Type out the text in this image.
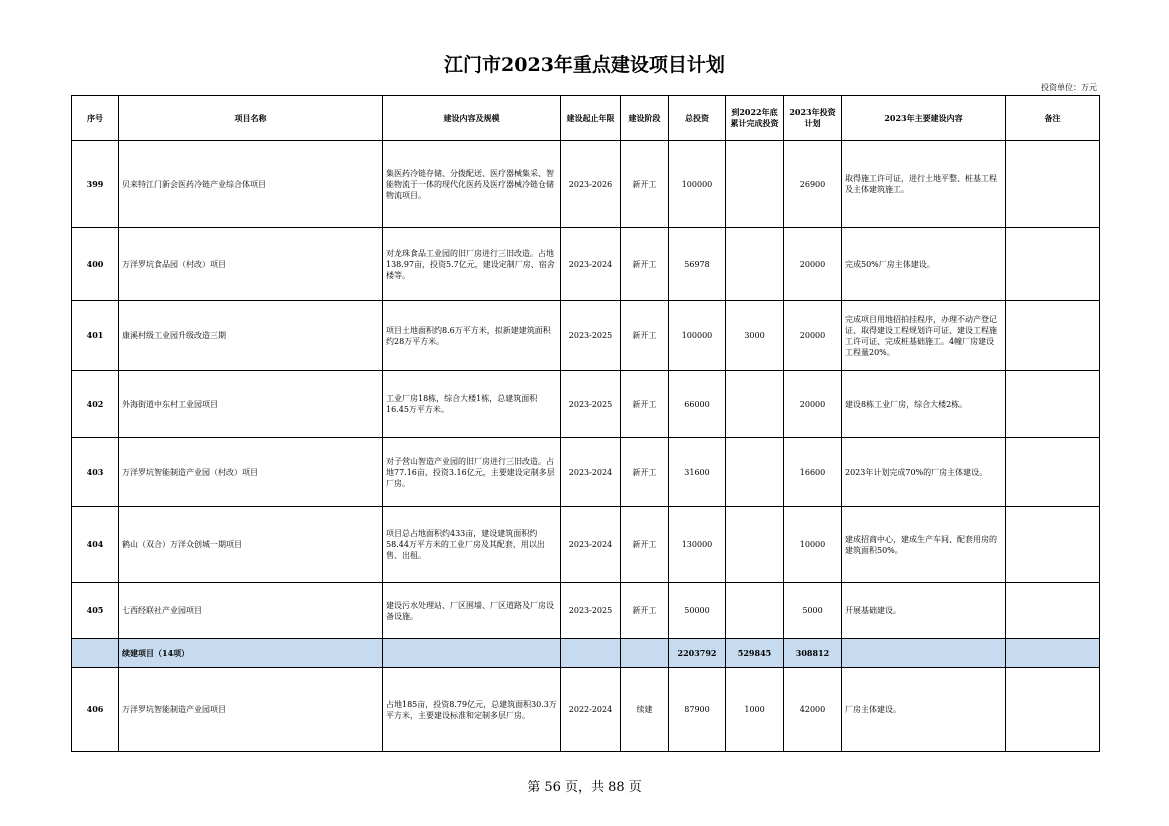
江门市2023年重点建设项目计划
投资单位：万元
序号	项目名称	建设内容及规模	建设起止年限	建设阶段	总投资	到2022年底累计完成投资	2023年投资计划	2023年主要建设内容	备注
399	贝来特江门新会医药冷链产业综合体项目	集医药冷链存储、分拨配送、医疗器械集采、智能物流于一体的现代化医药及医疗器械冷链仓储物流项目。	2023-2026	新开工	100000		26900	取得施工许可证，进行土地平整、桩基工程及主体建筑施工。	
400	万洋罗坑食品园（村改）项目	对龙珠食品工业园的旧厂房进行三旧改造。占地138.97亩，投资5.7亿元，建设定制厂房、宿舍楼等。	2023-2024	新开工	56978		20000	完成50%厂房主体建设。	
401	康溪村级工业园升级改造三期	项目土地面积约8.6万平方米，拟新建建筑面积约28万平方米。	2023-2025	新开工	100000	3000	20000	完成项目用地招拍挂程序，办理不动产登记证、取得建设工程规划许可证、建设工程施工许可证、完成桩基础施工。4幢厂房建设工程量20%。	
402	外海街道中东村工业园项目	工业厂房18栋，综合大楼1栋，总建筑面积16.45万平方米。	2023-2025	新开工	66000		20000	建设8栋工业厂房，综合大楼2栋。	
403	万洋罗坑智能制造产业园（村改）项目	对子营山智造产业园的旧厂房进行三旧改造。占地77.16亩，投资3.16亿元，主要建设定制多层厂房。	2023-2024	新开工	31600		16600	2023年计划完成70%的厂房主体建设。	
404	鹤山（双合）万洋众创城一期项目	项目总占地面积约433亩，建设建筑面积约58.44万平方米的工业厂房及其配套，用以出售、出租。	2023-2024	新开工	130000		10000	建成招商中心，建成生产车间、配套用房的建筑面积50%。	
405	七西经联社产业园项目	建设污水处理站、厂区围墙、厂区道路及厂房设备设施。	2023-2025	新开工	50000		5000	开展基础建设。	
	续建项目（14项）				2203792	529845	308812		
406	万洋罗坑智能制造产业园项目	占地185亩，投资8.79亿元，总建筑面积30.3万平方米，主要建设标准和定制多层厂房。	2022-2024	续建	87900	1000	42000	厂房主体建设。	
第 56 页，共 88 页
